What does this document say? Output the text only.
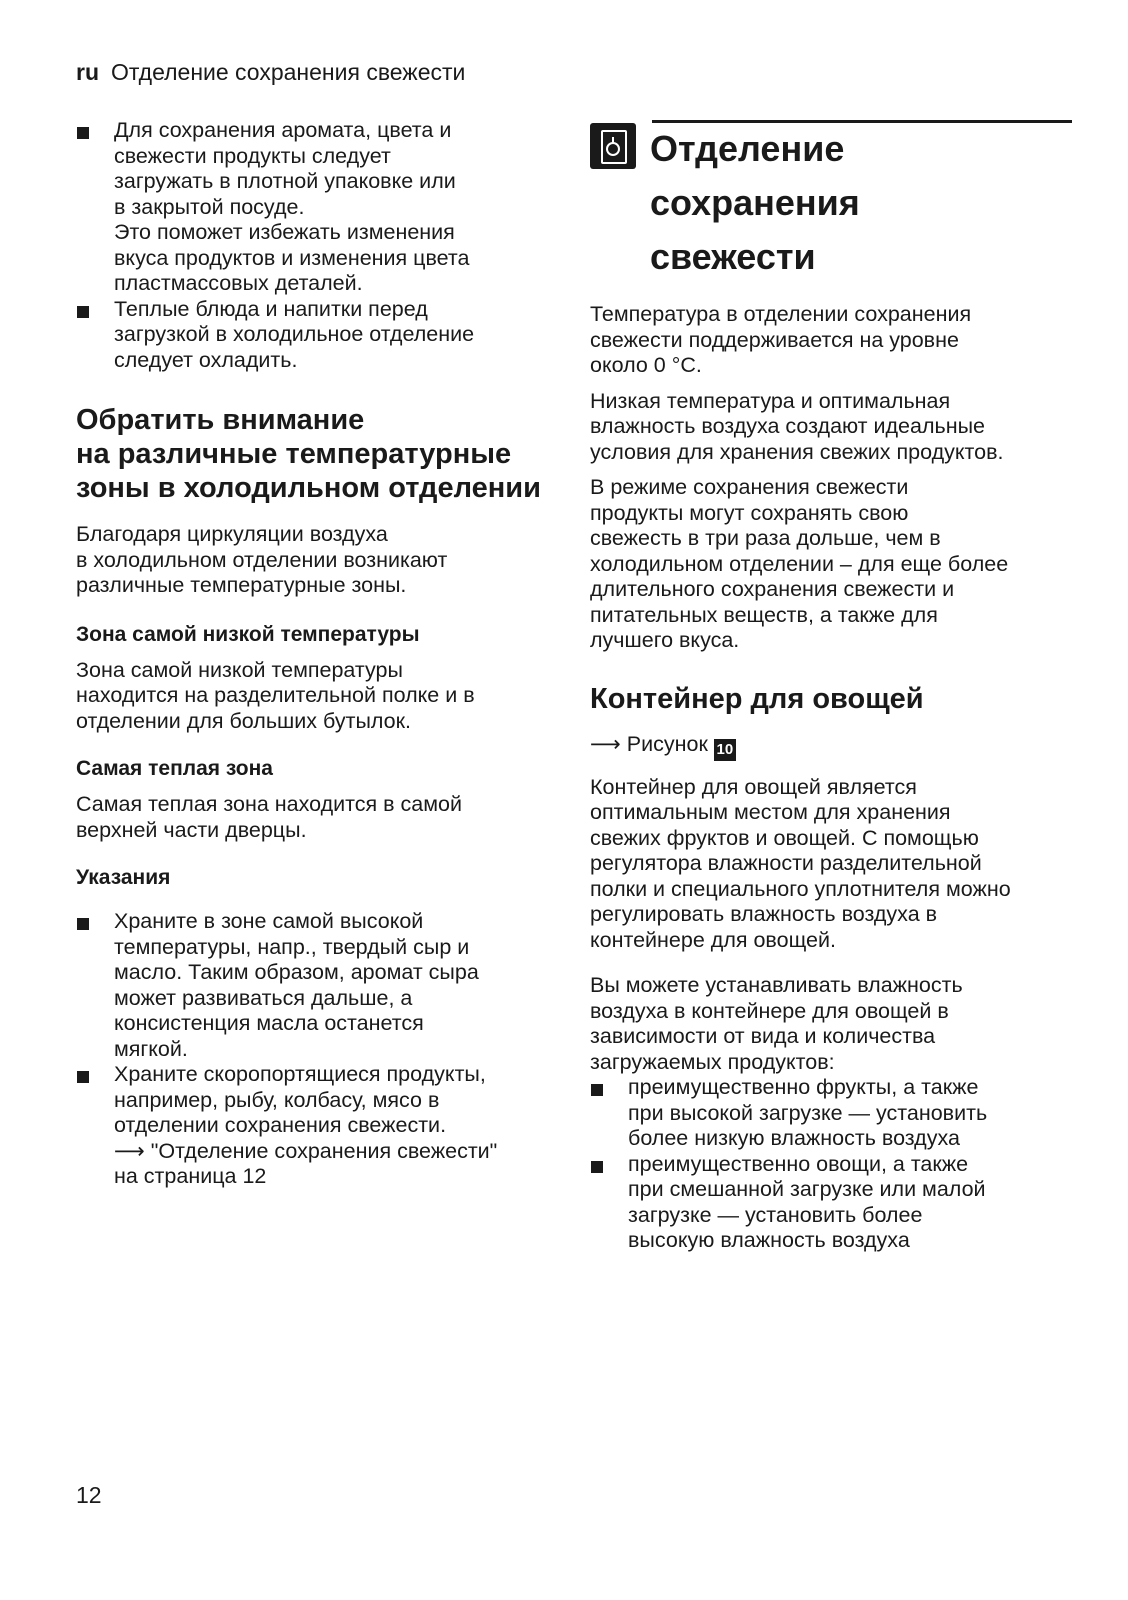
ru Отделение сохранения свежести
Для сохранения аромата, цвета и
свежести продукты следует
загружать в плотной упаковке или
в закрытой посуде.
Это поможет избежать изменения
вкуса продуктов и изменения цвета
пластмассовых деталей.
Теплые блюда и напитки перед
загрузкой в холодильное отделение
следует охладить.
Обратить внимание
на различные температурные
зоны в холодильном отделении

Благодаря циркуляции воздуха
в холодильном отделении возникают
различные температурные зоны.

Зона самой низкой температуры

Зона самой низкой температуры
находится на разделительной полке и в
отделении для больших бутылок.

Самая теплая зона

Самая теплая зона находится в самой
верхней части дверцы.

Указания
Храните в зоне самой высокой
температуры, напр., твердый сыр и
масло. Таким образом, аромат сыра
может развиваться дальше, а
консистенция масла останется
мягкой.
Храните скоропортящиеся продукты,
например, рыбу, колбасу, мясо в
отделении сохранения свежести.
⟶ "Отделение сохранения свежести"
на страница 12
Отделение сохранения
свежести

Температура в отделении сохранения
свежести поддерживается на уровне
около 0 °C.

Низкая температура и оптимальная
влажность воздуха создают идеальные
условия для хранения свежих продуктов.

В режиме сохранения свежести
продукты могут сохранять свою
свежесть в три раза дольше, чем в
холодильном отделении – для еще более
длительного сохранения свежести и
питательных веществ, а также для
лучшего вкуса.

Контейнер для овощей

⟶ Рисунок 10

Контейнер для овощей является
оптимальным местом для хранения
свежих фруктов и овощей. С помощью
регулятора влажности разделительной
полки и специального уплотнителя можно
регулировать влажность воздуха в
контейнере для овощей.

Вы можете устанавливать влажность
воздуха в контейнере для овощей в
зависимости от вида и количества
загружаемых продуктов:

преимущественно фрукты, а также
при высокой загрузке — установить
более низкую влажность воздуха
преимущественно овощи, а также
при смешанной загрузке или малой
загрузке — установить более
высокую влажность воздуха
12
